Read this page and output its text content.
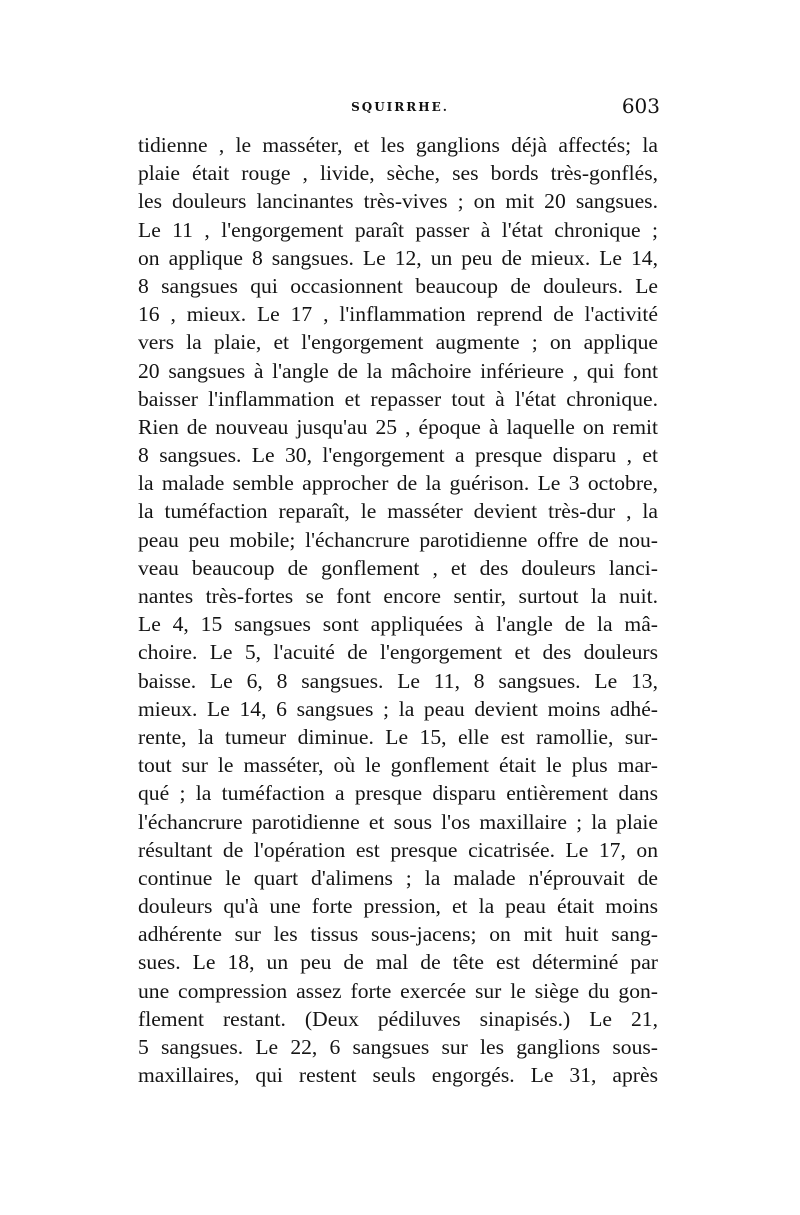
SQUIRRHE.	603
tidienne , le masséter, et les ganglions déjà affectés; la
plaie était rouge , livide, sèche, ses bords très-gonflés,
les douleurs lancinantes très-vives ; on mit 20 sangsues.
Le 11 , l'engorgement paraît passer à l'état chronique ;
on applique 8 sangsues. Le 12, un peu de mieux. Le 14,
8 sangsues qui occasionnent beaucoup de douleurs. Le
16 , mieux. Le 17 , l'inflammation reprend de l'activité
vers la plaie, et l'engorgement augmente ; on applique
20 sangsues à l'angle de la mâchoire inférieure , qui font
baisser l'inflammation et repasser tout à l'état chronique.
Rien de nouveau jusqu'au 25 , époque à laquelle on remit
8 sangsues. Le 30, l'engorgement a presque disparu , et
la malade semble approcher de la guérison. Le 3 octobre,
la tuméfaction reparaît, le masséter devient très-dur , la
peau peu mobile; l'échancrure parotidienne offre de nou-
veau beaucoup de gonflement , et des douleurs lanci-
nantes très-fortes se font encore sentir, surtout la nuit.
Le 4, 15 sangsues sont appliquées à l'angle de la mâ-
choire. Le 5, l'acuité de l'engorgement et des douleurs
baisse. Le 6, 8 sangsues. Le 11, 8 sangsues. Le 13,
mieux. Le 14, 6 sangsues ; la peau devient moins adhé-
rente, la tumeur diminue. Le 15, elle est ramollie, sur-
tout sur le masséter, où le gonflement était le plus mar-
qué ; la tuméfaction a presque disparu entièrement dans
l'échancrure parotidienne et sous l'os maxillaire ; la plaie
résultant de l'opération est presque cicatrisée. Le 17, on
continue le quart d'alimens ; la malade n'éprouvait de
douleurs qu'à une forte pression, et la peau était moins
adhérente sur les tissus sous-jacens; on mit huit sang-
sues. Le 18, un peu de mal de tête est déterminé par
une compression assez forte exercée sur le siège du gon-
flement restant. (Deux pédiluves sinapisés.) Le 21,
5 sangsues. Le 22, 6 sangsues sur les ganglions sous-
maxillaires, qui restent seuls engorgés. Le 31, après
